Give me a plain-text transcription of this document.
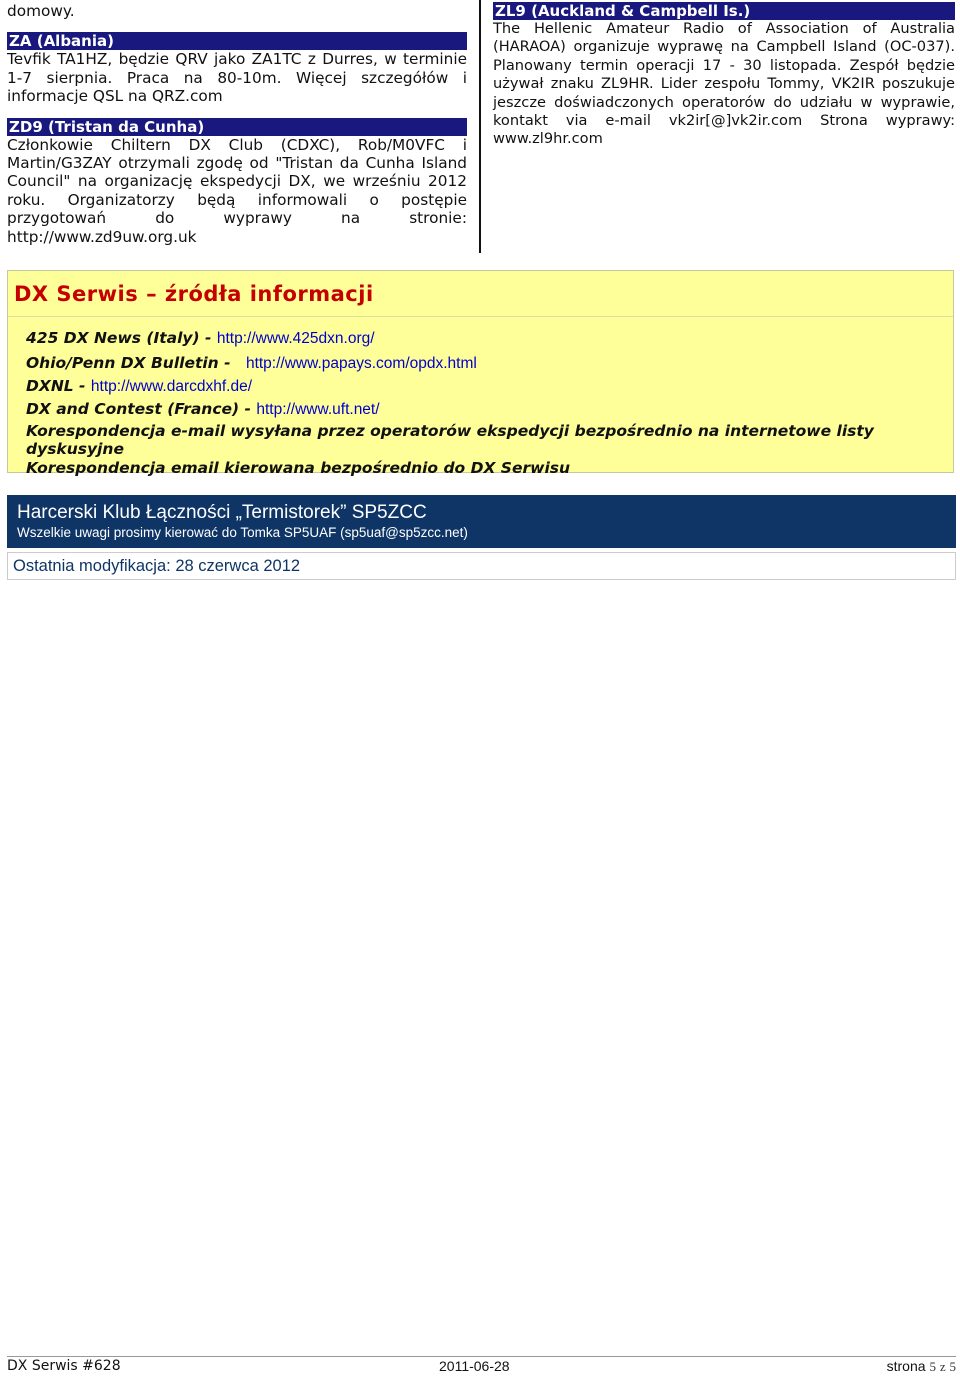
domowy.

ZA (Albania)

Tevfik TA1HZ, będzie QRV jako ZA1TC z Durres, w terminie 1-7 sierpnia. Praca na 80-10m. Więcej szczegółów i informacje QSL na QRZ.com

ZD9 (Tristan da Cunha)

Członkowie Chiltern DX Club (CDXC), Rob/M0VFC i Martin/G3ZAY otrzymali zgodę od "Tristan da Cunha Island Council" na organizację ekspedycji DX, we wrześniu 2012 roku. Organizatorzy będą informowali o postępie przygotowań do wyprawy na stronie: http://www.zd9uw.org.uk

ZL9 (Auckland & Campbell Is.)

The Hellenic Amateur Radio of Association of Australia (HARAOA) organizuje wyprawę na Campbell Island (OC-037). Planowany termin operacji 17 - 30 listopada. Zespół będzie używał znaku ZL9HR. Lider zespołu Tommy, VK2IR poszukuje jeszcze doświadczonych operatorów do udziału w wyprawie, kontakt via e-mail vk2ir[@]vk2ir.com Strona wyprawy: www.zl9hr.com

DX Serwis – źródła informacji
425 DX News (Italy) - http://www.425dxn.org/
Ohio/Penn DX Bulletin - http://www.papays.com/opdx.html
DXNL - http://www.darcdxhf.de/
DX and Contest (France) - http://www.uft.net/
Korespondencja e-mail wysyłana przez operatorów ekspedycji bezpośrednio na internetowe listy dyskusyjne
Korespondencja email kierowana bezpośrednio do DX Serwisu
Harcerski Klub Łączności „Termistorek” SP5ZCC
Wszelkie uwagi prosimy kierować do Tomka SP5UAF (sp5uaf@sp5zcc.net)
Ostatnia modyfikacja: 28 czerwca 2012
DX Serwis #628	2011-06-28	strona 5 z 5
